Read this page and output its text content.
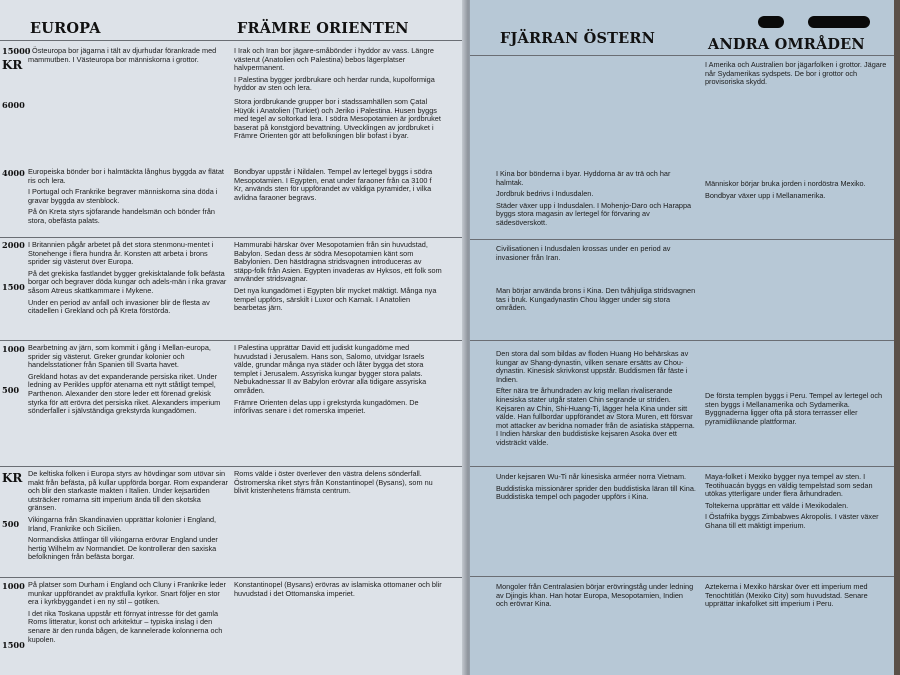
EUROPA	FRÄMRE ORIENTEN
15000
KR
6000
4000
2000
1500
1000
500
KR
500
1000
1500

I Östeuropa bor jägarna i tält av djurhudar förankrade med mammutben. I Västeuropa bor människorna i grottor.

Europeiska bönder bor i halmtäckta långhus byggda av flätat ris och lera.

I Portugal och Frankrike begraver människorna sina döda i gravar byggda av stenblock.

På ön Kreta styrs sjöfarande handelsmän och bönder från stora, obefästa palats.

I Britannien pågår arbetet på det stora stenmonu-mentet i Stonehenge i flera hundra år. Konsten att arbeta i brons sprider sig västerut över Europa.

På det grekiska fastlandet bygger grekisktalande folk befästa borgar och begraver döda kungar och adels-män i rika gravar såsom Atreus skattkammare i Mykene.

Under en period av anfall och invasioner blir de flesta av citadellen i Grekland och på Kreta förstörda.

Bearbetning av järn, som kommit i gång i Mellan-europa, sprider sig västerut. Greker grundar kolonier och handelsstationer från Spanien till Svarta havet.

Grekland hotas av det expanderande persiska riket. Under ledning av Perikles uppför atenarna ett nytt ståtligt tempel, Parthenon. Alexander den store leder ett förenad grekisk styrka för att erövra det persiska riket. Alexanders imperium sönderfaller i självständiga grekstyrda kungadömen.

De keltiska folken i Europa styrs av hövdingar som utövar sin makt från befästa, på kullar uppförda borgar. Rom expanderar och blir den starkaste makten i Italien. Under kejsartiden utsträcker romarna sitt imperium ända till den skotska gränsen.

Vikingarna från Skandinavien upprättar kolonier i England, Irland, Frankrike och Sicilien.

Normandiska ättlingar till vikingarna erövrar England under hertig Wilhelm av Normandiet. De kontrollerar den saxiska befolkningen från befästa borgar.

På platser som Durham i England och Cluny i Frankrike leder munkar uppförandet av praktfulla kyrkor. Snart följer en stor era i kyrkbyggandet i en ny stil – gotiken.

I det rika Toskana uppstår ett förnyat intresse för det gamla Roms litteratur, konst och arkitektur – typiska inslag i den senare är den runda bågen, de kannelerade kolonnerna och kupolen.

I Irak och Iran bor jägare-småbönder i hyddor av vass. Längre västerut (Anatolien och Palestina) bebos lägerplatser halvpermanent.

I Palestina bygger jordbrukare och herdar runda, kupolformiga hyddor av sten och lera.

Stora jordbrukande grupper bor i stadssamhällen som Çatal Hüyük i Anatolien (Turkiet) och Jeriko i Palestina. Husen byggs med tegel av soltorkad lera. I södra Mesopotamien är jordbruket baserat på konstgjord bevattning. Utvecklingen av jordbruket i Främre Orienten gör att befolkningen blir bofast i byar.

Bondbyar uppstår i Nildalen. Tempel av lertegel byggs i södra Mesopotamien. I Egypten, enat under faraoner från ca 3100 f Kr, används sten för uppförandet av väldiga pyramider, i vilka avlidna faraoner begravs.

Hammurabi härskar över Mesopotamien från sin huvudstad, Babylon. Sedan dess är södra Mesopotamien känt som Babylonien. Den hästdragna stridsvagnen introduceras av stäpp-folk från Asien. Egypten invaderas av Hyksos, ett folk som använder stridsvagnar.

Det nya kungadömet i Egypten blir mycket mäktigt. Många nya tempel uppförs, särskilt i Luxor och Karnak. I Anatolien bearbetas järn.

I Palestina upprättar David ett judiskt kungadöme med huvudstad i Jerusalem. Hans son, Salomo, utvidgar Israels välde, grundar många nya städer och låter bygga det stora templet i Jerusalem. Assyriska kungar bygger stora palats. Nebukadnessar II av Babylon erövrar alla tidigare assyriska områden.

Främre Orienten delas upp i grekstyrda kungadömen. De införlivas senare i det romerska imperiet.

Roms välde i öster överlever den västra delens sönderfall. Östromerska riket styrs från Konstantinopel (Bysans), som nu blivit kristenhetens främsta centrum.

Konstantinopel (Bysans) erövras av islamiska ottomaner och blir huvudstad i det Ottomanska imperiet.

FJÄRRAN ÖSTERN	ANDRA OMRÅDEN

I Kina bor bönderna i byar. Hyddorna är av trä och har halmtak.

Jordbruk bedrivs i Indusdalen.

Städer växer upp i Indusdalen. I Mohenjo-Daro och Harappa byggs stora magasin av lertegel för förvaring av sädesöverskott.

Civilisationen i Indusdalen krossas under en period av invasioner från Iran.

Man börjar använda brons i Kina. Den tvåhjuliga stridsvagnen tas i bruk. Kungadynastin Chou lägger under sig stora områden.

Den stora dal som bildas av floden Huang Ho behärskas av kungar av Shang-dynastin, vilken senare ersätts av Chou-dynastin. Kinesisk skrivkonst uppstår. Buddismen får fäste i Indien.

Efter nära tre århundraden av krig mellan rivaliserande kinesiska stater utgår staten Chin segrande ur striden. Kejsaren av Chin, Shi-Huang-Ti, lägger hela Kina under sitt välde. Han fullbordar uppförandet av Stora Muren, ett försvar mot attacker av beridna nomader från de asiatiska stäpperna. I Indien härskar den buddistiske kejsaren Asoka över ett vidsträckt välde.

Under kejsaren Wu-Ti når kinesiska arméer norra Vietnam.

Buddistiska missionärer sprider den buddistiska läran till Kina. Buddistiska tempel och pagoder uppförs i Kina.

Mongoler från Centralasien börjar erövringståg under ledning av Djingis khan. Han hotar Europa, Mesopotamien, Indien och erövrar Kina.

I Amerika och Australien bor jägarfolken i grottor. Jägare når Sydamerikas sydspets. De bor i grottor och provisoriska skydd.

Människor börjar bruka jorden i nordöstra Mexiko.

Bondbyar växer upp i Mellanamerika.

De första templen byggs i Peru. Tempel av lertegel och sten byggs i Mellanamerika och Sydamerika. Byggnaderna ligger ofta på stora terrasser eller pyramidliknande plattformar.

Maya-folket i Mexiko bygger nya tempel av sten. I Teotihuacán byggs en väldig tempelstad som sedan utökas ytterligare under flera århundraden.

Toltekerna upprättar ett välde i Mexikodalen.

I Östafrika byggs Zimbabwes Akropolis. I väster växer Ghana till ett mäktigt imperium.

Aztekerna i Mexiko härskar över ett imperium med Tenochtitlán (Mexiko City) som huvudstad. Senare upprättar inkafolket sitt imperium i Peru.
